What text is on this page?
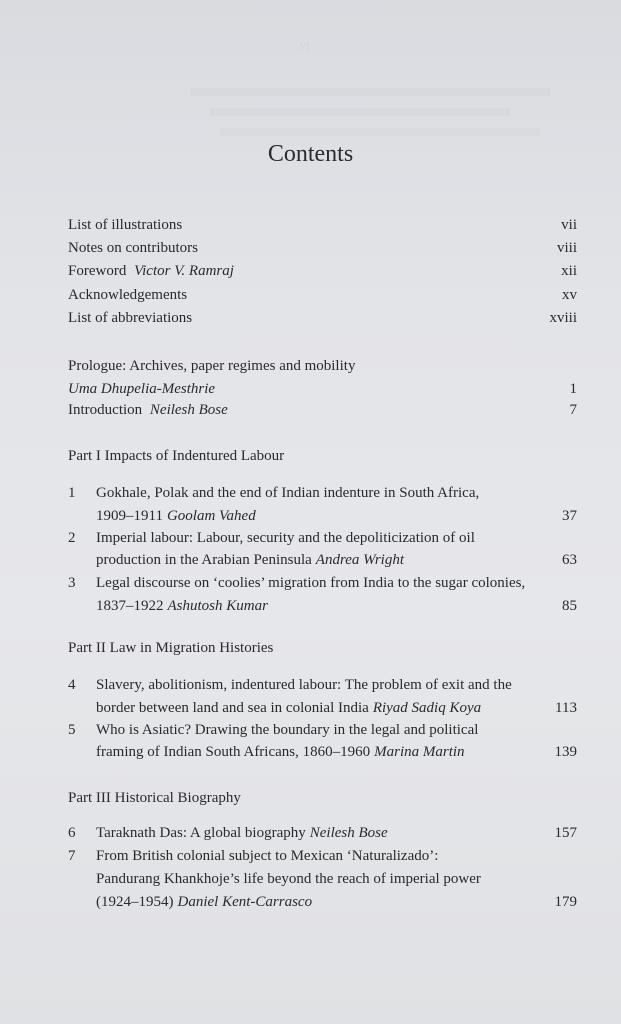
vi
Contents
List of illustrations	vii
Notes on contributors	viii
Foreword Victor V. Ramraj	xii
Acknowledgements	xv
List of abbreviations	xviii
Prologue: Archives, paper regimes and mobility
Uma Dhupelia-Mesthrie	1
Introduction Neilesh Bose	7
Part I Impacts of Indentured Labour
1 Gokhale, Polak and the end of Indian indenture in South Africa,
1909–1911 Goolam Vahed	37
2 Imperial labour: Labour, security and the depoliticization of oil
production in the Arabian Peninsula Andrea Wright	63
3 Legal discourse on ‘coolies’ migration from India to the sugar colonies,
1837–1922 Ashutosh Kumar	85
Part II Law in Migration Histories
4 Slavery, abolitionism, indentured labour: The problem of exit and the
border between land and sea in colonial India Riyad Sadiq Koya	113
5 Who is Asiatic? Drawing the boundary in the legal and political
framing of Indian South Africans, 1860–1960 Marina Martin	139
Part III Historical Biography
6 Taraknath Das: A global biography Neilesh Bose	157
7 From British colonial subject to Mexican ‘Naturalizado’:
Pandurang Khankhoje’s life beyond the reach of imperial power
(1924–1954) Daniel Kent-Carrasco	179
